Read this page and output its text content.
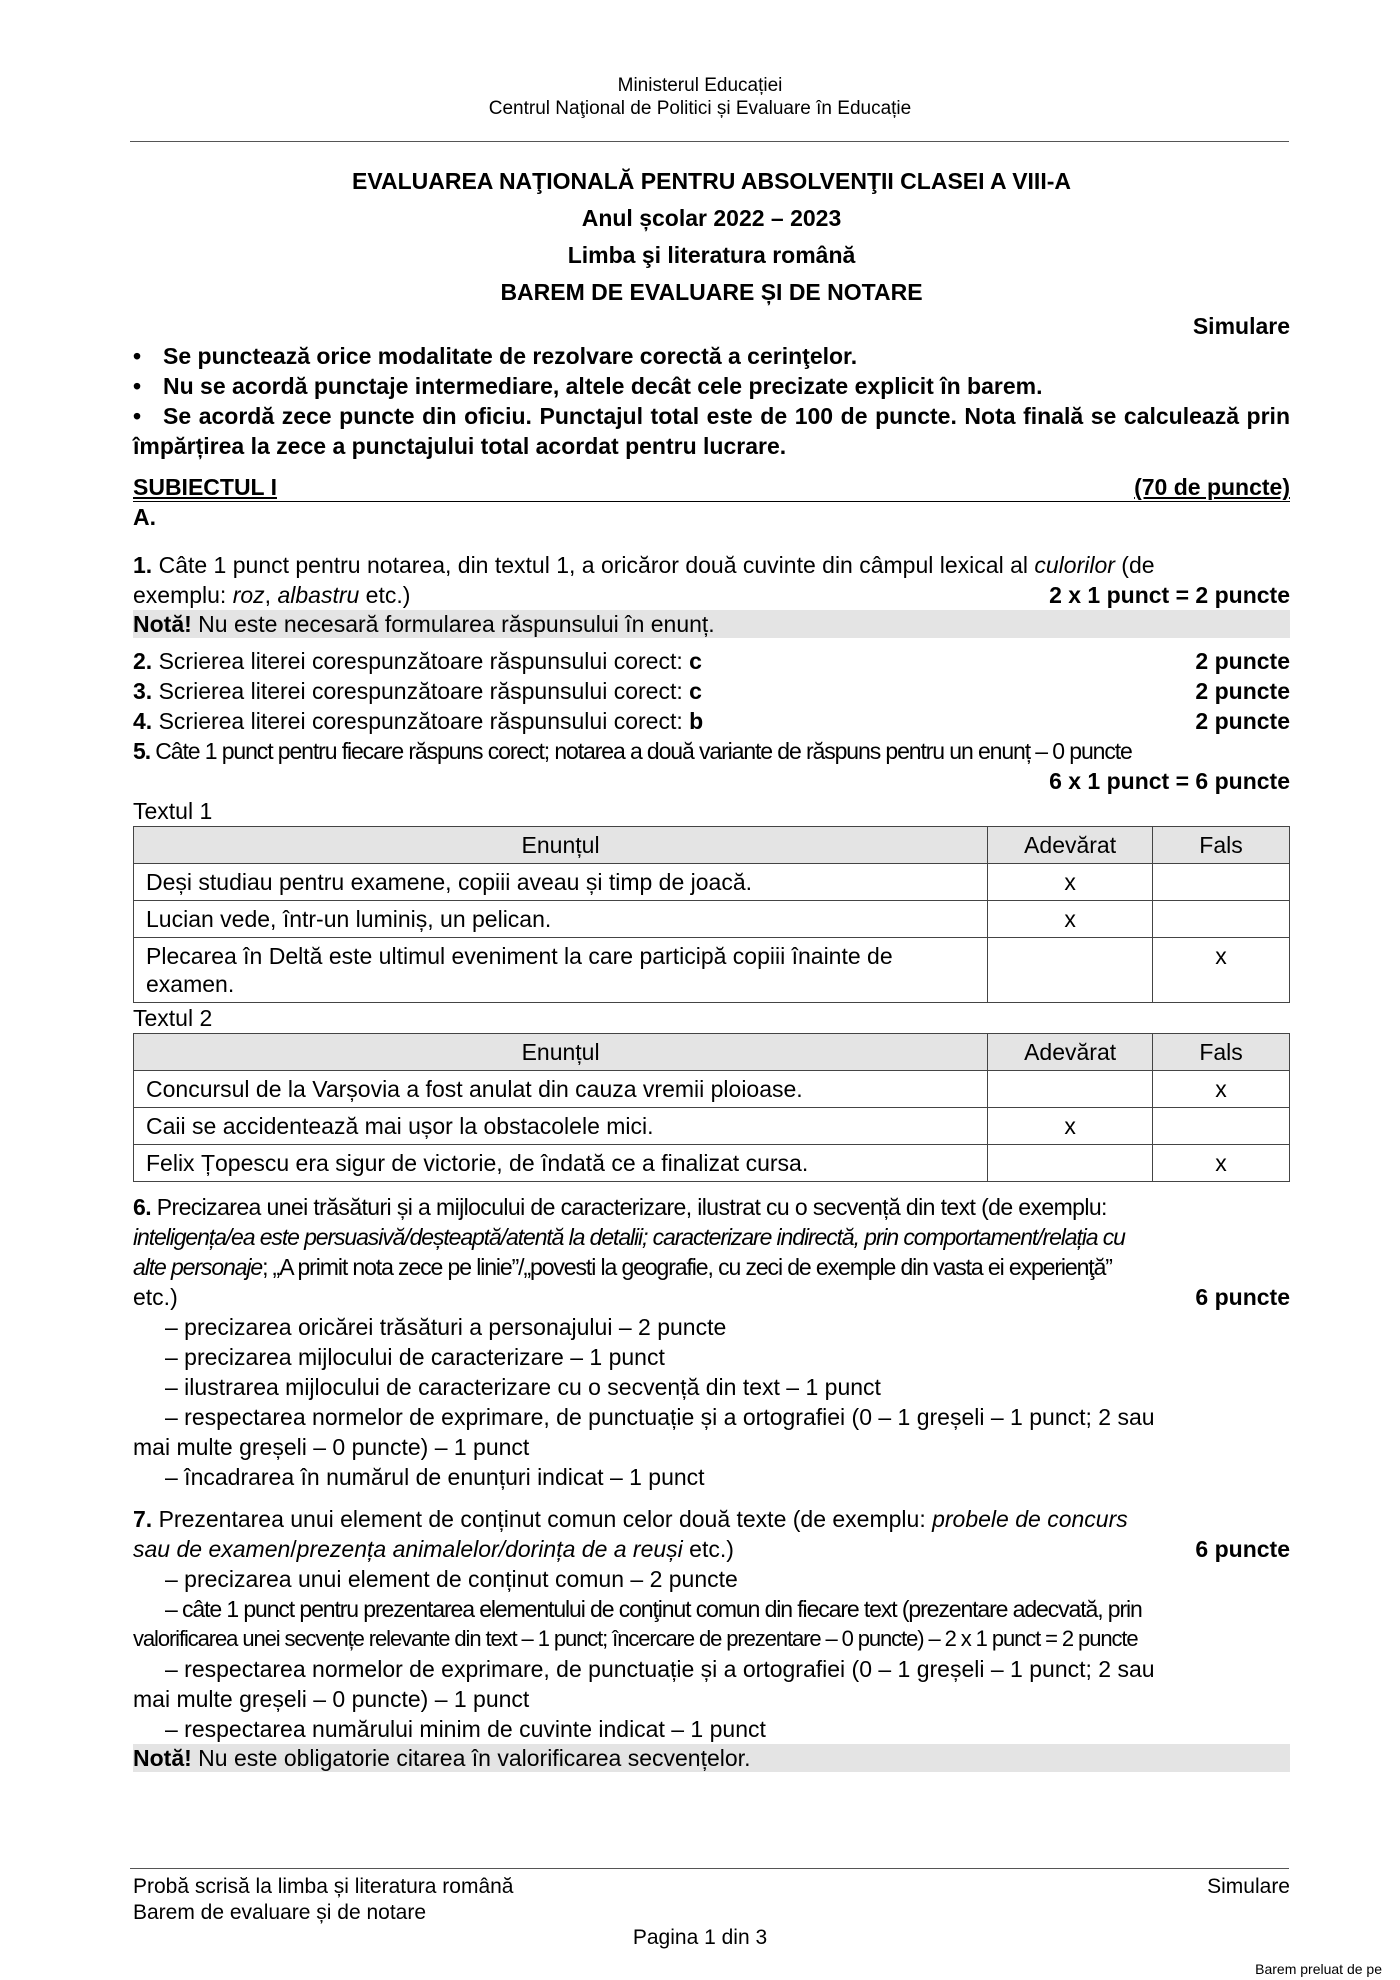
Ministerul Educației
Centrul Naţional de Politici și Evaluare în Educație
EVALUAREA NAŢIONALĂ PENTRU ABSOLVENŢII CLASEI A VIII-A
Anul școlar 2022 – 2023
Limba şi literatura română
BAREM DE EVALUARE ȘI DE NOTARE
Simulare
• Se punctează orice modalitate de rezolvare corectă a cerinţelor.
• Nu se acordă punctaje intermediare, altele decât cele precizate explicit în barem.
• Se acordă zece puncte din oficiu. Punctajul total este de 100 de puncte. Nota finală se calculează prin împărțirea la zece a punctajului total acordat pentru lucrare.
SUBIECTUL I	(70 de puncte)
A.
1. Câte 1 punct pentru notarea, din textul 1, a oricăror două cuvinte din câmpul lexical al culorilor (de
exemplu: roz, albastru etc.)	2 x 1 punct = 2 puncte
Notă! Nu este necesară formularea răspunsului în enunț.
2. Scrierea literei corespunzătoare răspunsului corect: c	2 puncte
3. Scrierea literei corespunzătoare răspunsului corect: c	2 puncte
4. Scrierea literei corespunzătoare răspunsului corect: b	2 puncte
5. Câte 1 punct pentru fiecare răspuns corect; notarea a două variante de răspuns pentru un enunț – 0 puncte
6 x 1 punct = 6 puncte
Textul 1
Enunțul	Adevărat	Fals
Deși studiau pentru examene, copiii aveau și timp de joacă.	x	
Lucian vede, într-un luminiș, un pelican.	x	
Plecarea în Deltă este ultimul eveniment la care participă copiii înainte de examen.		x
Textul 2
Enunțul	Adevărat	Fals
Concursul de la Varșovia a fost anulat din cauza vremii ploioase.		x
Caii se accidentează mai ușor la obstacolele mici.	x	
Felix Țopescu era sigur de victorie, de îndată ce a finalizat cursa.		x
6. Precizarea unei trăsături și a mijlocului de caracterizare, ilustrat cu o secvență din text (de exemplu:
inteligența/ea este persuasivă/deșteaptă/atentă la detalii; caracterizare indirectă, prin comportament/relația cu
alte personaje; „A primit nota zece pe linie”/„povesti la geografie, cu zeci de exemple din vasta ei experienţă”
etc.)	6 puncte
– precizarea oricărei trăsături a personajului – 2 puncte
– precizarea mijlocului de caracterizare – 1 punct
– ilustrarea mijlocului de caracterizare cu o secvență din text – 1 punct
– respectarea normelor de exprimare, de punctuație și a ortografiei (0 – 1 greșeli – 1 punct; 2 sau
mai multe greșeli – 0 puncte) – 1 punct
– încadrarea în numărul de enunțuri indicat – 1 punct
7. Prezentarea unui element de conținut comun celor două texte (de exemplu: probele de concurs
sau de examen/prezența animalelor/dorința de a reuși etc.)	6 puncte
– precizarea unui element de conținut comun – 2 puncte
– câte 1 punct pentru prezentarea elementului de conţinut comun din fiecare text (prezentare adecvată, prin
valorificarea unei secvențe relevante din text – 1 punct; încercare de prezentare – 0 puncte) – 2 x 1 punct = 2 puncte
– respectarea normelor de exprimare, de punctuație și a ortografiei (0 – 1 greșeli – 1 punct; 2 sau
mai multe greșeli – 0 puncte) – 1 punct
– respectarea numărului minim de cuvinte indicat – 1 punct
Notă! Nu este obligatorie citarea în valorificarea secvențelor.
Probă scrisă la limba și literatura română
Barem de evaluare și de notare
Simulare
Pagina 1 din 3
Barem preluat de pe
